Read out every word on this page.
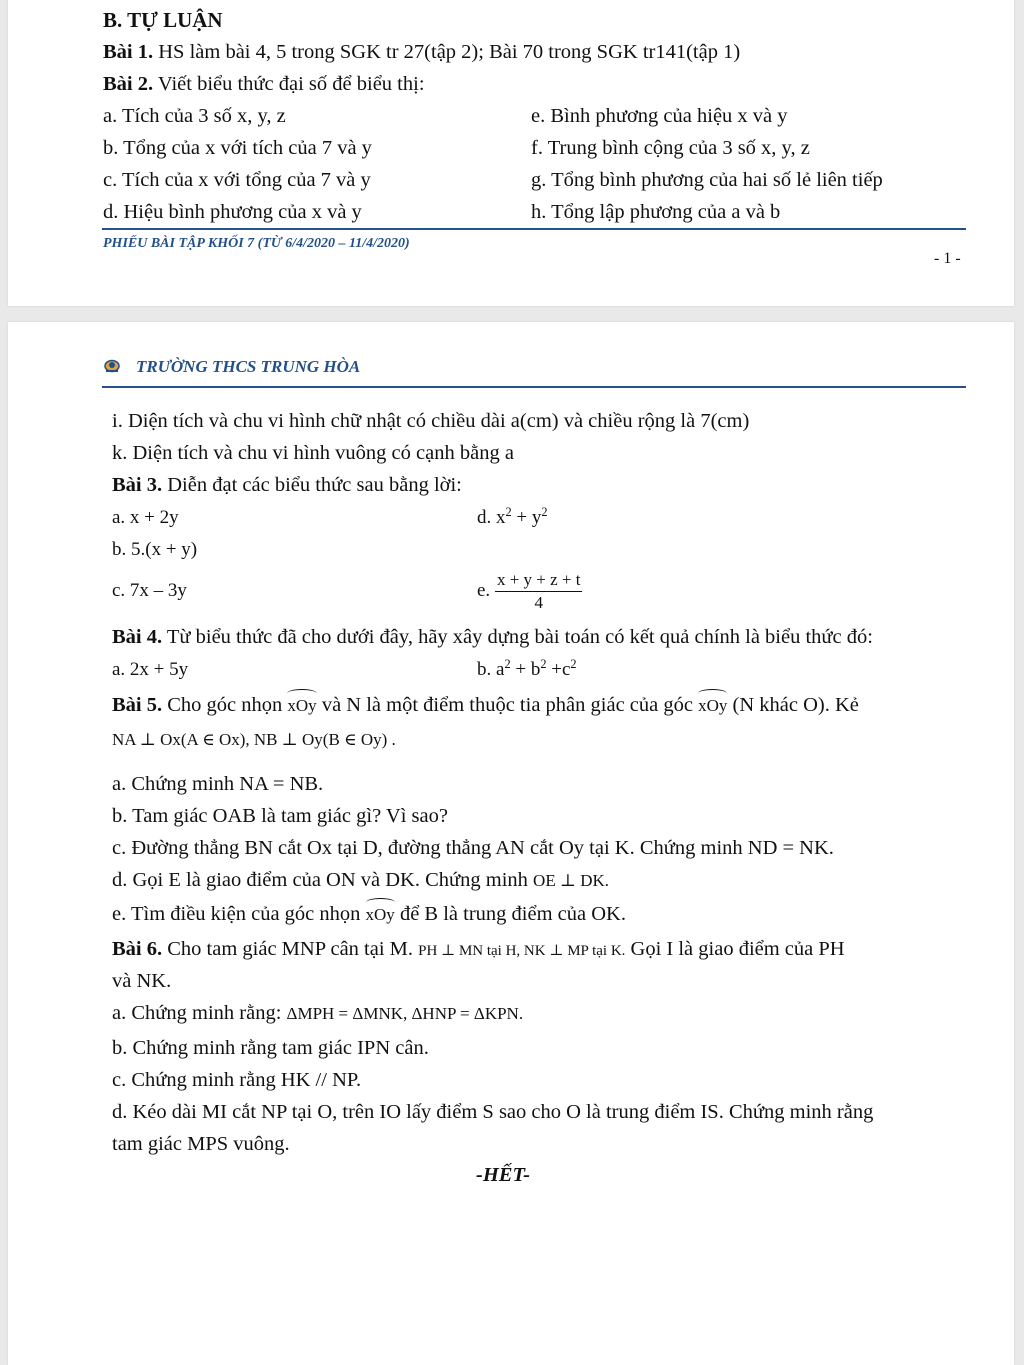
B. TỰ LUẬN
Bài 1. HS làm bài 4, 5 trong SGK tr 27(tập 2); Bài 70 trong SGK tr141(tập 1)
Bài 2. Viết biểu thức đại số để biểu thị:
a. Tích của 3 số x, y, z
b. Tổng của x với tích của 7 và y
c. Tích của x với tổng của 7 và y
d. Hiệu bình phương của x và y
e. Bình phương của hiệu x và y
f. Trung bình cộng của 3 số x, y, z
g. Tổng bình phương của hai số lẻ liên tiếp
h. Tổng lập phương của a và b
PHIẾU BÀI TẬP KHỐI 7 (TỪ 6/4/2020 – 11/4/2020)
- 1 -
TRƯỜNG THCS TRUNG HÒA
i. Diện tích và chu vi hình chữ nhật có chiều dài a(cm) và chiều rộng là 7(cm)
k. Diện tích và chu vi hình vuông có cạnh bằng a
Bài 3. Diễn đạt các biểu thức sau bằng lời:
a. x + 2y	d. $x^2 + y^2$
b. 5.(x + y)
c. 7x – 3y	e. $\frac{x + y + z + t}{4}$
Bài 4. Từ biểu thức đã cho dưới đây, hãy xây dựng bài toán có kết quả chính là biểu thức đó:
a. 2x + 5y	b. $a^2 + b^2 +c^2$
Bài 5. Cho góc nhọn xOy và N là một điểm thuộc tia phân giác của góc xOy (N khác O). Kẻ
NA ⊥ Ox(A ∈ Ox), NB ⊥ Oy(B ∈ Oy) .
a. Chứng minh NA = NB.
b. Tam giác OAB là tam giác gì? Vì sao?
c. Đường thẳng BN cắt Ox tại D, đường thẳng AN cắt Oy tại K. Chứng minh ND = NK.
d. Gọi E là giao điểm của ON và DK. Chứng minh OE ⊥ DK.
e. Tìm điều kiện của góc nhọn xOy để B là trung điểm của OK.
Bài 6. Cho tam giác MNP cân tại M. PH ⊥ MN tại H, NK ⊥ MP tại K. Gọi I là giao điểm của PH
và NK.
a. Chứng minh rằng: ΔMPH = ΔMNK, ΔHNP = ΔKPN.
b. Chứng minh rằng tam giác IPN cân.
c. Chứng minh rằng HK // NP.
d. Kéo dài MI cắt NP tại O, trên IO lấy điểm S sao cho O là trung điểm IS. Chứng minh rằng
tam giác MPS vuông.
-HẾT-
